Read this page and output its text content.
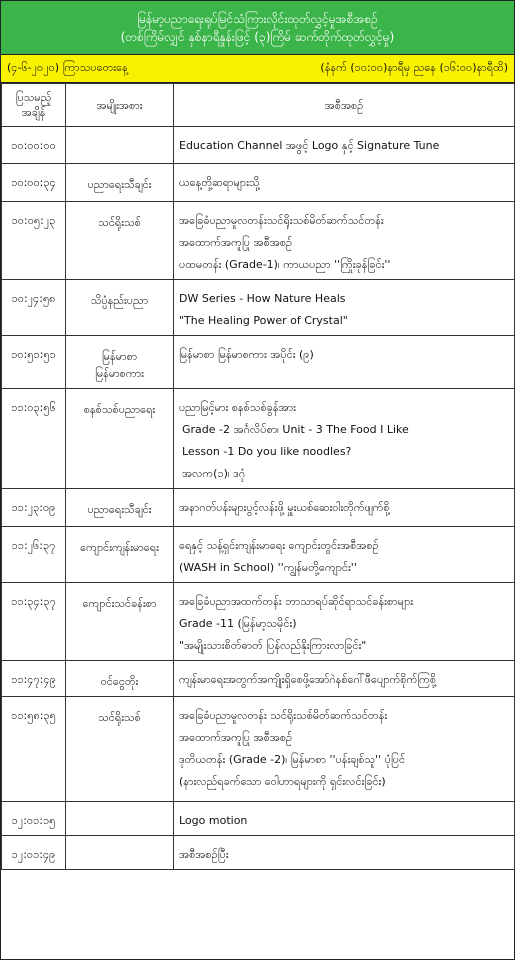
မြန်မာ့ပညာရေးရုပ်မြင်သံကြားလိုင်းထုတ်လွှင့်မှုအစီအစဉ်
(တစ်ကြိမ်လျှင် နှစ်နာရီနှုန်းဖြင့် (၃)ကြိမ် ဆက်တိုက်ထုတ်လွှင့်မှု)
(၄-၆-၂၀၂၀) ကြာသပတေးနေ့	(နံနက် (၁၀:၀၀)နာရီမှ ညနေ (၁၆:၀၀)နာရီထိ)
ပြသမည့်
အချိန်	အမျိုးအစား	အစီအစဉ်
၁၀:၀၀:၀၀		Education Channel အဖွင့် Logo နှင့် Signature Tune

၁၀:၀၀:၃၄	ပညာရေးသီချင်း	ယနေ့တို့ဆရာများသို့

၁၀:၀၅:၂၃	သင်ရိုးသစ်	အခြေခံပညာမူလတန်းသင်ရိုးသစ်မိတ်ဆက်သင်တန်း
အထောက်အကူပြု အစီအစဉ်
ပထမတန်း (Grade-1)၊ ကာယပညာ ''ကြိုးခုန်ခြင်း''

၁၀:၂၄:၅၈	သိပ္ပံနည်းပညာ	DW Series - How Nature Heals
"The Healing Power of Crystal"

၁၀:၅၁:၅၁	မြန်မာစာ
မြန်မာစကား	မြန်မာစာ မြန်မာစကား အပိုင်း (၉)

၁၁:၀၃:၅၆	စနစ်သစ်ပညာရေး	ပညာမြင့်မား စနစ်သစ်ခွန်အား
Grade -2 အင်္ဂလိပ်စာ၊ Unit - 3 The Food I Like
Lesson -1 Do you like noodles?
အလက(၁)၊ ဒဂုံ

၁၁:၂၃:၀၉	ပညာရေးသီချင်း	အနာဂတ်ပန်းများပွင့်လန်းဖို့ မှူးယစ်ဆေးဝါးတိုက်ဖျက်စို့

၁၁:၂၆:၃၇	ကျောင်းကျန်းမာရေး	ရေနှင့် သန့်ရှင်းကျန်းမာရေး ကျောင်းတွင်းအစီအစဉ်
(WASH in School) ''ကျွန်မတို့ကျောင်း''

၁၁:၃၄:၃၇	ကျောင်းသင်ခန်းစာ	အခြေခံပညာအထက်တန်း ဘာသာရပ်ဆိုင်ရာသင်ခန်းစာများ
Grade -11 (မြန်မာ့သမိုင်း)
"အမျိုးသားစိတ်ဓာတ် ပြန်လည်နိုးကြားလာခြင်း"

၁၁:၄၇:၄၉	ဝင်ငွေတိုး	ကျန်းမာရေးအတွက်အကျိုးရှိစေဖို့အော်ဂဲနစ်ဂေါ်ဖီပျောက်စိုက်ကြစို့

၁၁:၅၈:၃၅	သင်ရိုးသစ်	အခြေခံပညာမူလတန်း သင်ရိုးသစ်မိတ်ဆက်သင်တန်း
အထောက်အကူပြု အစီအစဉ်
ဒုတိယတန်း (Grade -2)၊ မြန်မာစာ ''ပန်းချစ်သူ'' ပုံပြင်
(နားလည်ရခက်သော ဝေါဟာရများကို ရှင်းလင်းခြင်း)

၁၂:၀၁:၁၅		Logo motion

၁၂:၀၁:၄၉		အစီအစဉ်ပြီး
